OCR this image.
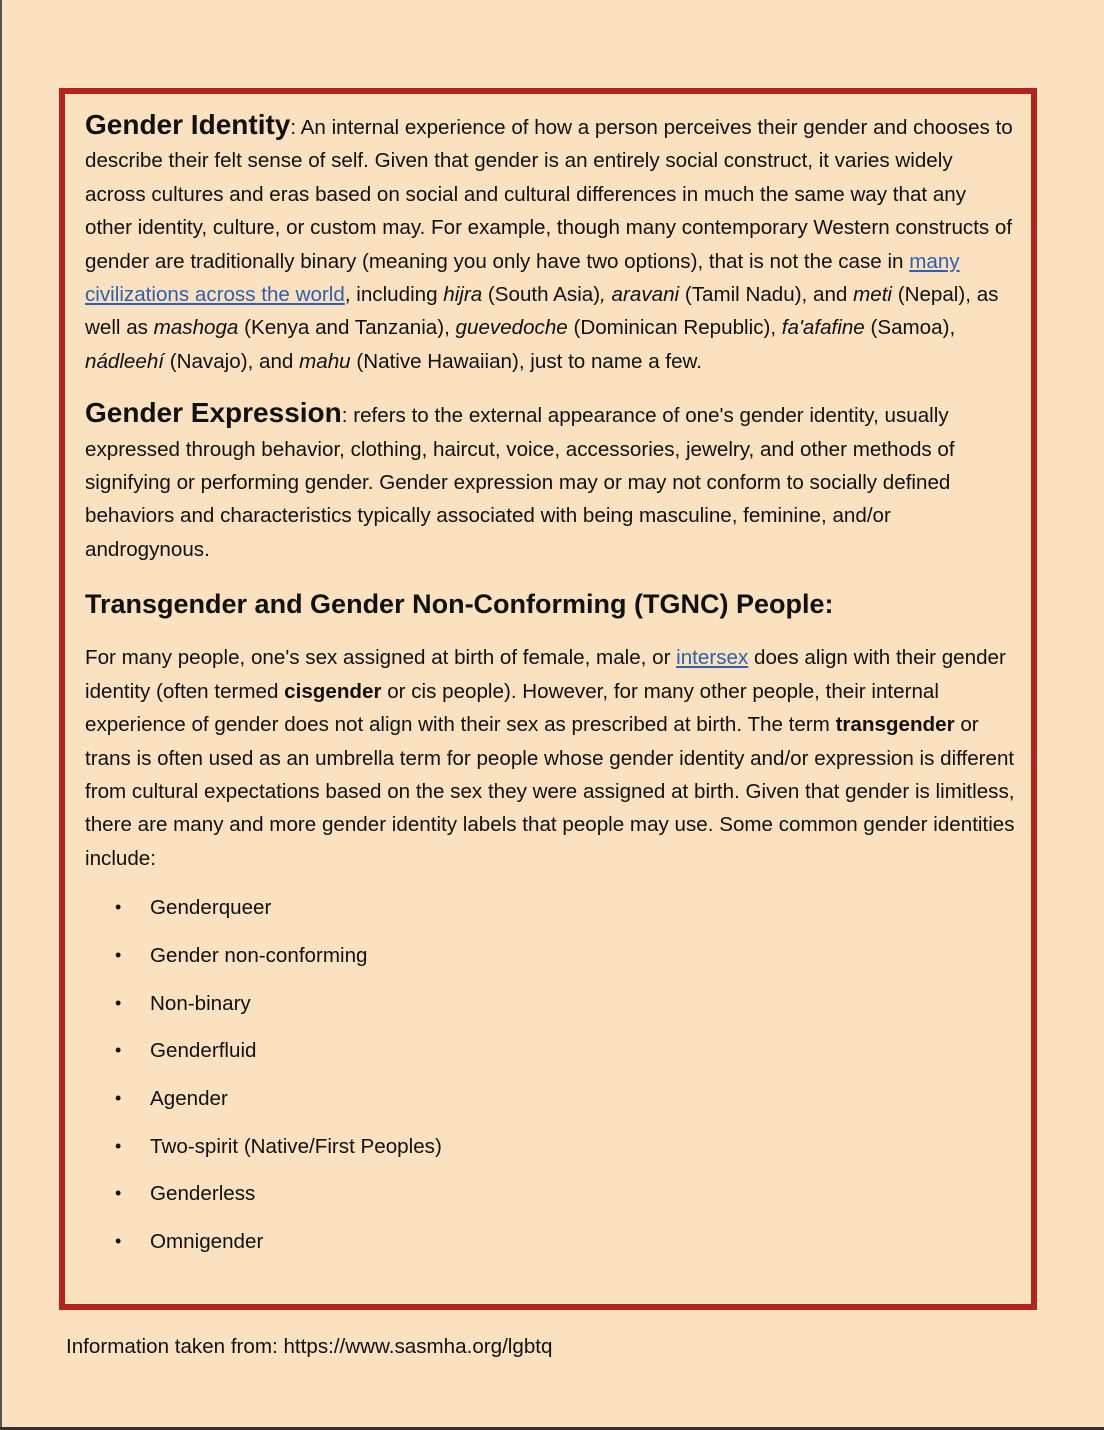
Gender Identity: An internal experience of how a person perceives their gender and chooses to describe their felt sense of self. Given that gender is an entirely social construct, it varies widely across cultures and eras based on social and cultural differences in much the same way that any other identity, culture, or custom may. For example, though many contemporary Western constructs of gender are traditionally binary (meaning you only have two options), that is not the case in many civilizations across the world, including hijra (South Asia), aravani (Tamil Nadu), and meti (Nepal), as well as mashoga (Kenya and Tanzania), guevedoche (Dominican Republic), fa'afafine (Samoa), nádleehí (Navajo), and mahu (Native Hawaiian), just to name a few.

Gender Expression: refers to the external appearance of one's gender identity, usually expressed through behavior, clothing, haircut, voice, accessories, jewelry, and other methods of signifying or performing gender. Gender expression may or may not conform to socially defined behaviors and characteristics typically associated with being masculine, feminine, and/or androgynous.

Transgender and Gender Non-Conforming (TGNC) People:

For many people, one's sex assigned at birth of female, male, or intersex does align with their gender identity (often termed cisgender or cis people). However, for many other people, their internal experience of gender does not align with their sex as prescribed at birth. The term transgender or trans is often used as an umbrella term for people whose gender identity and/or expression is different from cultural expectations based on the sex they were assigned at birth. Given that gender is limitless, there are many and more gender identity labels that people may use. Some common gender identities include:

• Genderqueer
• Gender non-conforming
• Non-binary
• Genderfluid
• Agender
• Two-spirit (Native/First Peoples)
• Genderless
• Omnigender
Information taken from: https://www.sasmha.org/lgbtq
